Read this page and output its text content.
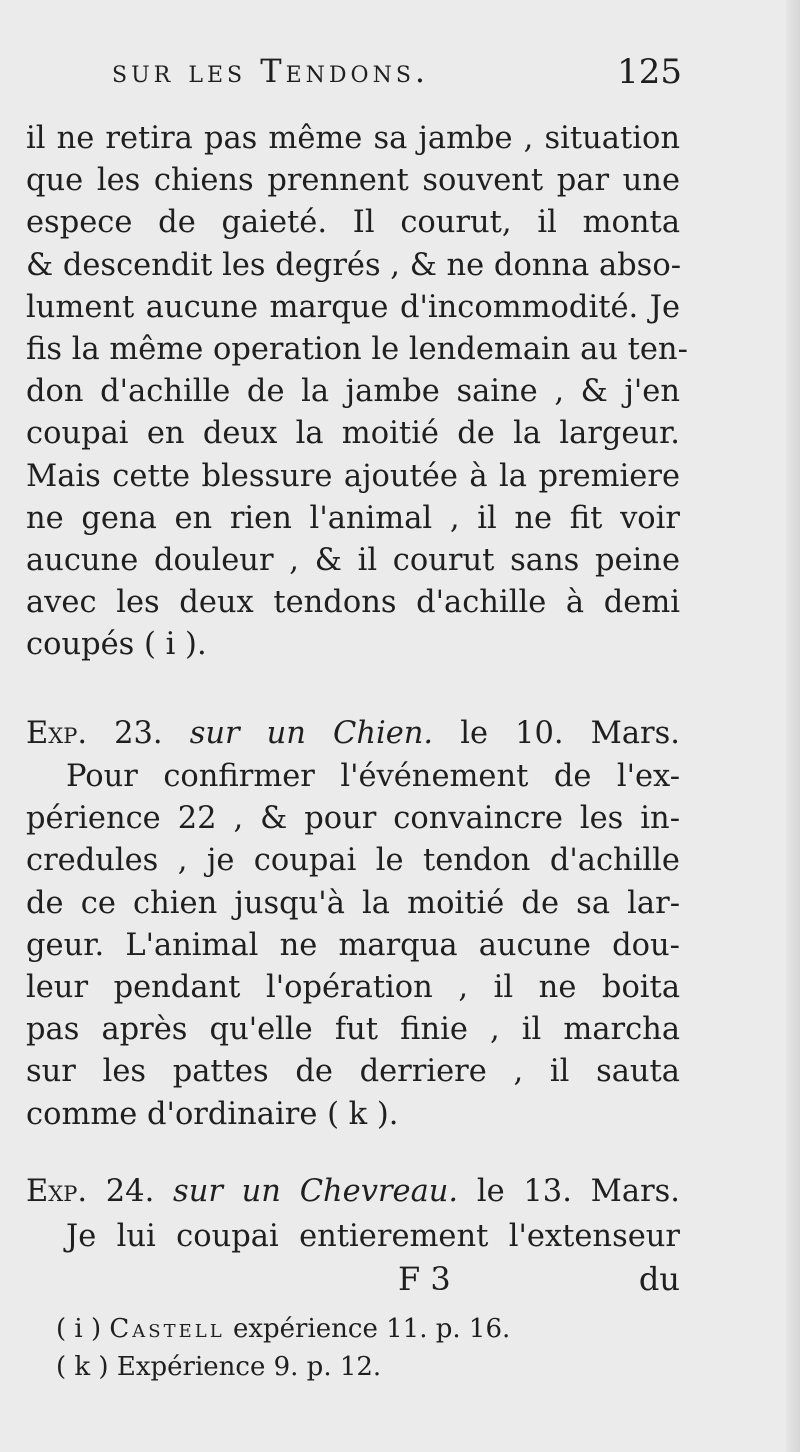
sur les Tendons.	125
il ne retira pas même sa jambe , situation
que les chiens prennent souvent par une
espece de gaieté. Il courut, il monta
& descendit les degrés , & ne donna abso-
lument aucune marque d'incommodité. Je
fis la même operation le lendemain au ten-
don d'achille de la jambe saine , & j'en
coupai en deux la moitié de la largeur.
Mais cette blessure ajoutée à la premiere
ne gena en rien l'animal , il ne fit voir
aucune douleur , & il courut sans peine
avec les deux tendons d'achille à demi
coupés ( i ).
Exp. 23. sur un Chien. le 10. Mars.
Pour confirmer l'événement de l'ex-
périence 22 , & pour convaincre les in-
credules , je coupai le tendon d'achille
de ce chien jusqu'à la moitié de sa lar-
geur. L'animal ne marqua aucune dou-
leur pendant l'opération , il ne boita
pas après qu'elle fut finie , il marcha
sur les pattes de derriere , il sauta
comme d'ordinaire ( k ).
Exp. 24. sur un Chevreau. le 13. Mars.
Je lui coupai entierement l'extenseur
F 3	du
( i ) Castell expérience 11. p. 16.
( k ) Expérience 9. p. 12.
